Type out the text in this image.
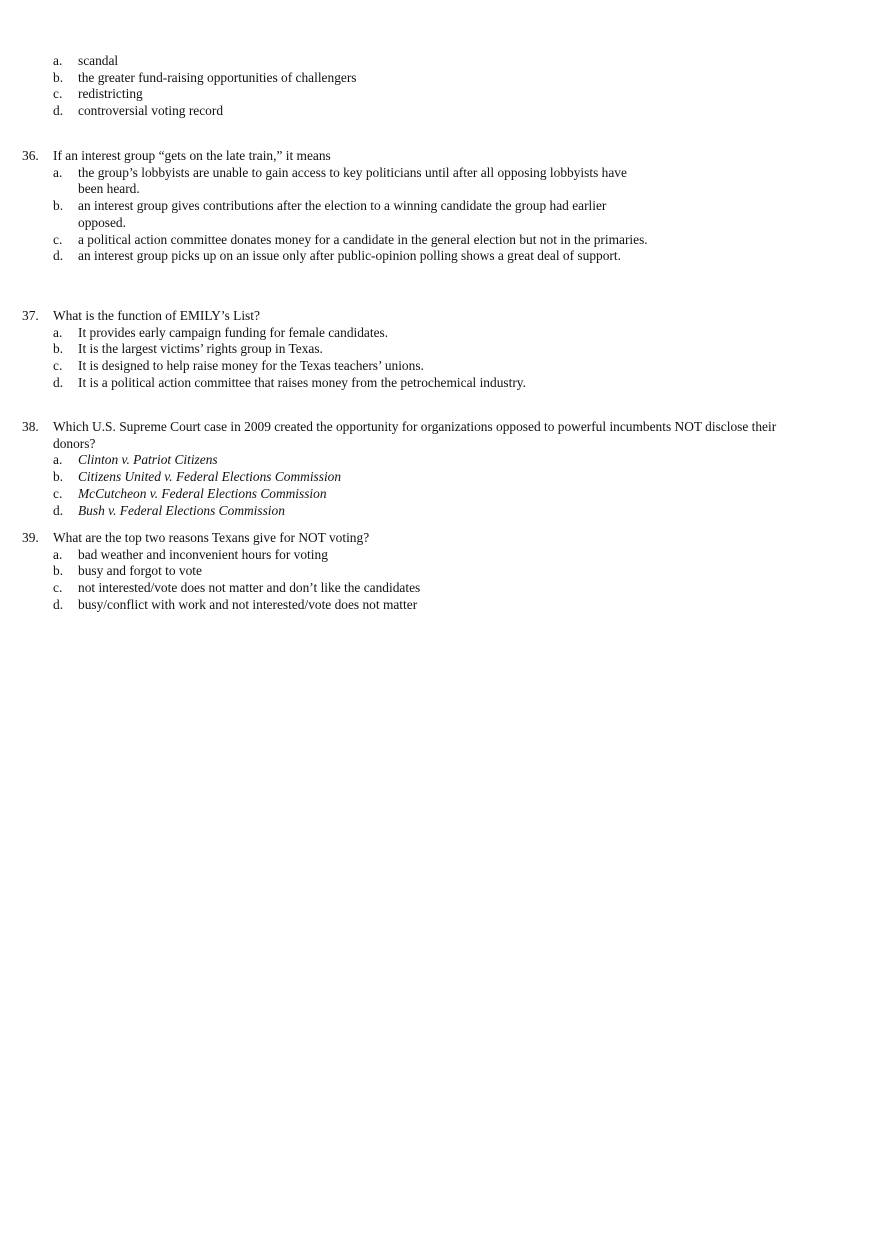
a. scandal
b. the greater fund-raising opportunities of challengers
c. redistricting
d. controversial voting record
36. If an interest group “gets on the late train,” it means
a. the group’s lobbyists are unable to gain access to key politicians until after all opposing lobbyists have been heard.
b. an interest group gives contributions after the election to a winning candidate the group had earlier opposed.
c. a political action committee donates money for a candidate in the general election but not in the primaries.
d. an interest group picks up on an issue only after public-opinion polling shows a great deal of support.
37. What is the function of EMILY’s List?
a. It provides early campaign funding for female candidates.
b. It is the largest victims’ rights group in Texas.
c. It is designed to help raise money for the Texas teachers’ unions.
d. It is a political action committee that raises money from the petrochemical industry.
38. Which U.S. Supreme Court case in 2009 created the opportunity for organizations opposed to powerful incumbents NOT disclose their donors?
a. Clinton v. Patriot Citizens
b. Citizens United v. Federal Elections Commission
c. McCutcheon v. Federal Elections Commission
d. Bush v. Federal Elections Commission
39. What are the top two reasons Texans give for NOT voting?
a. bad weather and inconvenient hours for voting
b. busy and forgot to vote
c. not interested/vote does not matter and don’t like the candidates
d. busy/conflict with work and not interested/vote does not matter
